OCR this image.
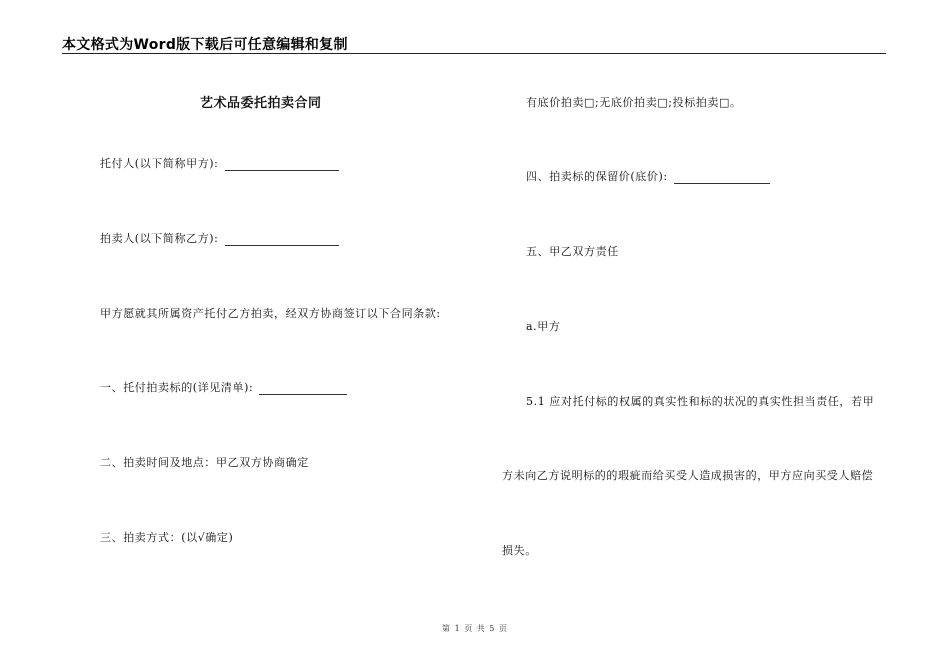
本文格式为Word版下载后可任意编辑和复制
艺术品委托拍卖合同
托付人(以下简称甲方):
拍卖人(以下简称乙方):
甲方愿就其所属资产托付乙方拍卖，经双方协商签订以下合同条款:
一、托付拍卖标的(详见清单):
二、拍卖时间及地点：甲乙双方协商确定
三、拍卖方式：(以√确定)
有底价拍卖□;无底价拍卖□;投标拍卖□。
四、拍卖标的保留价(底价):
五、甲乙双方责任
a.甲方
5.1 应对托付标的权属的真实性和标的状况的真实性担当责任，若甲
方未向乙方说明标的的瑕疵而给买受人造成损害的，甲方应向买受人赔偿
损失。
第 1 页 共 5 页
